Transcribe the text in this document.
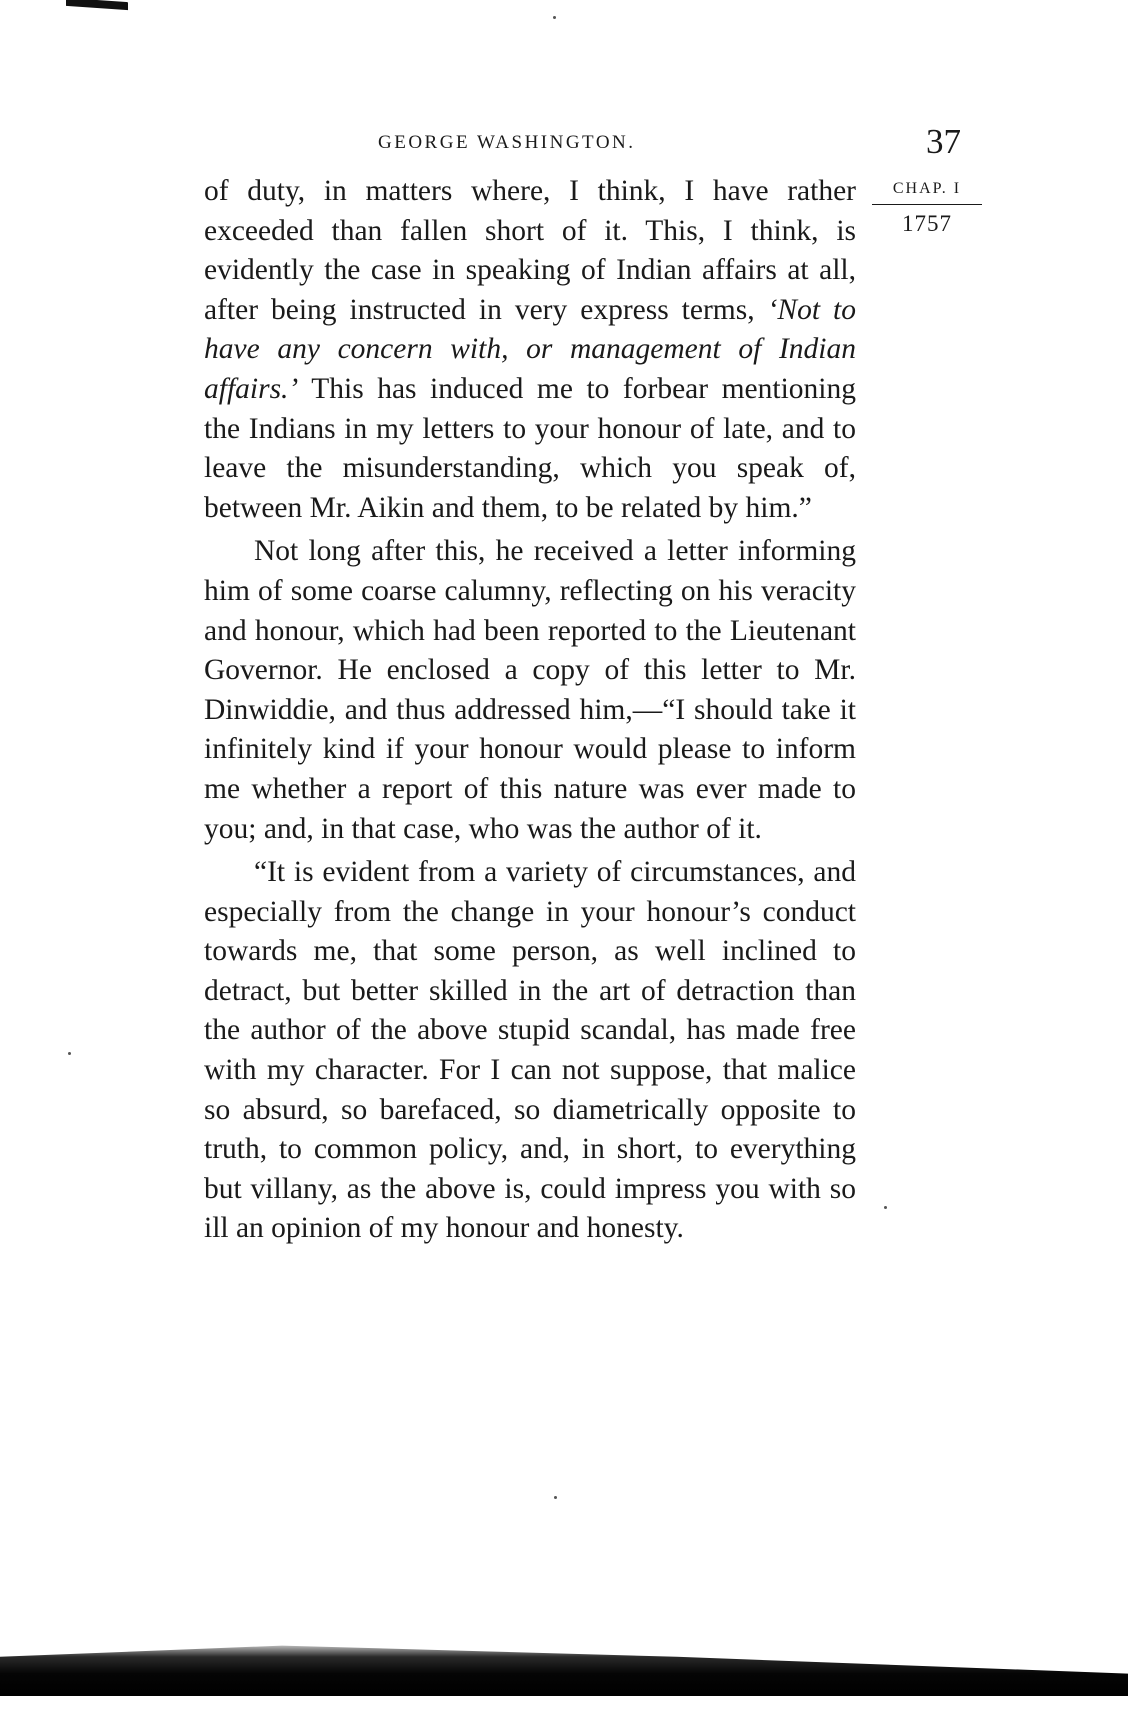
GEORGE WASHINGTON.	37
CHAP. I
1757

of duty, in matters where, I think, I have rather exceeded than fallen short of it. This, I think, is evidently the case in speaking of Indian affairs at all, after being instructed in very express terms, ‘Not to have any concern with, or management of Indian affairs.’ This has induced me to forbear mentioning the Indians in my letters to your honour of late, and to leave the misunderstanding, which you speak of, between Mr. Aikin and them, to be related by him.”

Not long after this, he received a letter informing him of some coarse calumny, reflecting on his veracity and honour, which had been reported to the Lieutenant Governor. He enclosed a copy of this letter to Mr. Dinwiddie, and thus addressed him,—“I should take it infinitely kind if your honour would please to inform me whether a report of this nature was ever made to you; and, in that case, who was the author of it.

“It is evident from a variety of circumstances, and especially from the change in your honour’s conduct towards me, that some person, as well inclined to detract, but better skilled in the art of detraction than the author of the above stupid scandal, has made free with my character. For I can not suppose, that malice so absurd, so barefaced, so diametrically opposite to truth, to common policy, and, in short, to everything but villany, as the above is, could impress you with so ill an opinion of my honour and honesty.
